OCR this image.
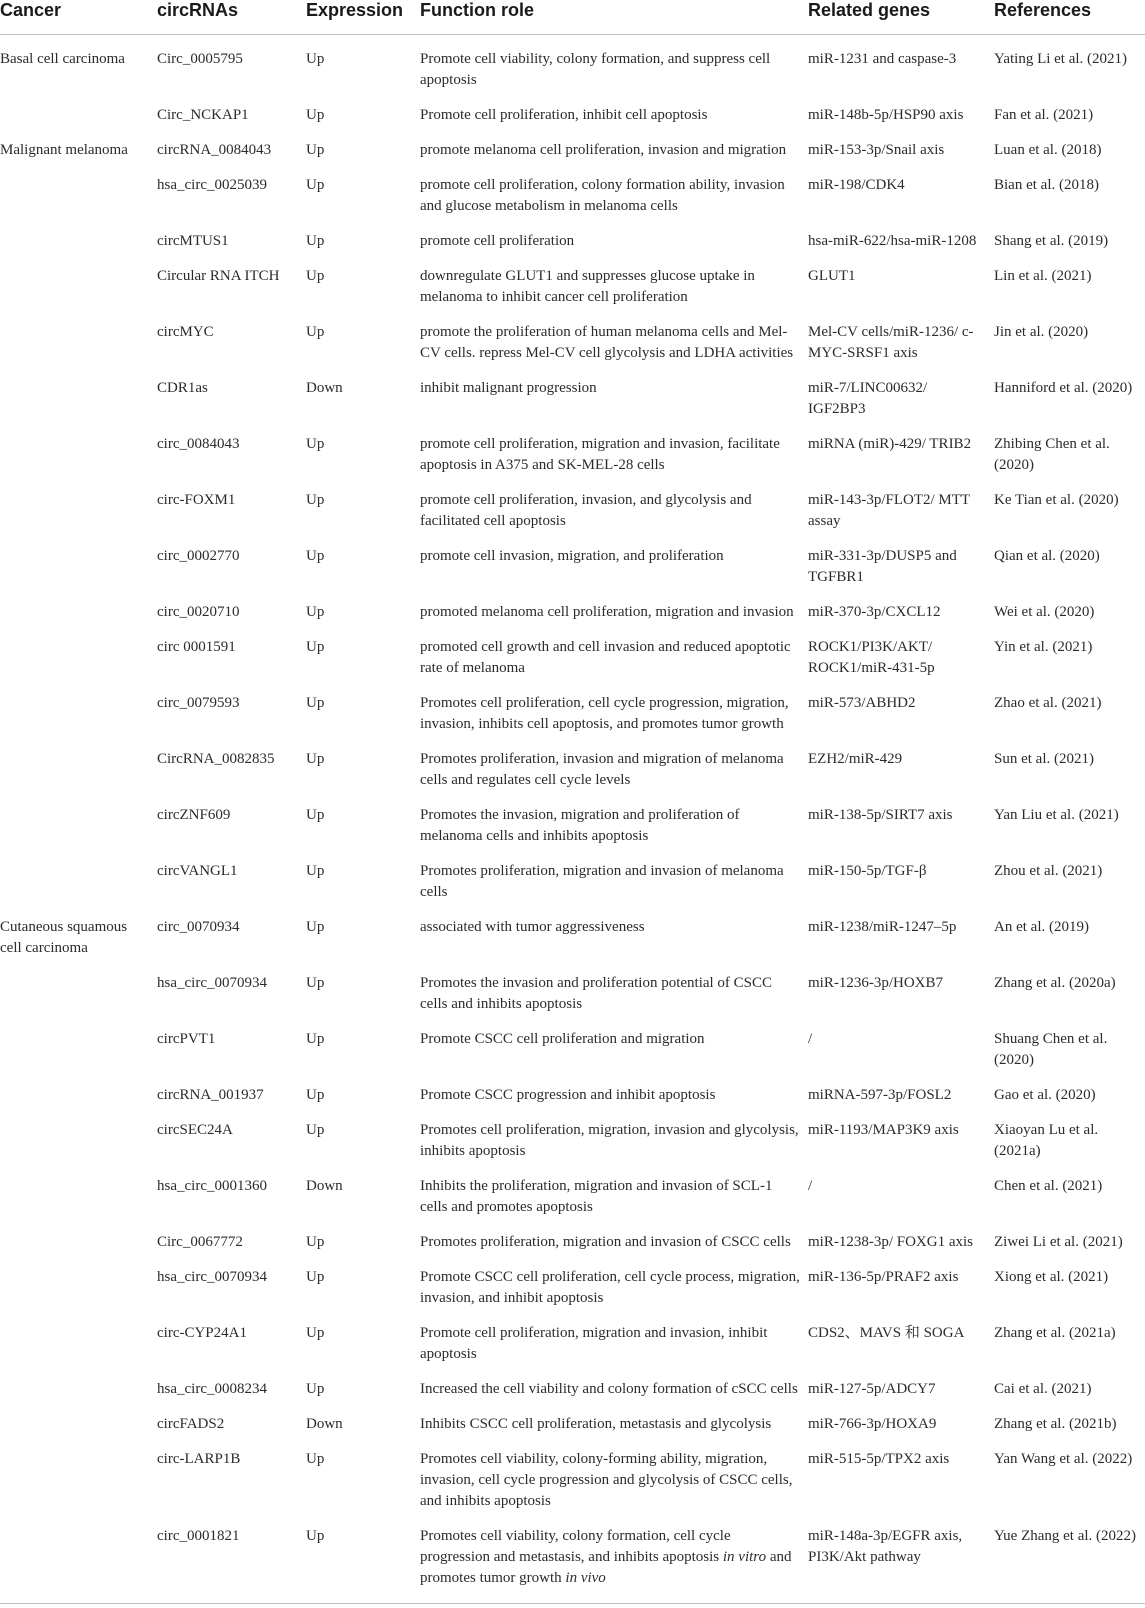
Cancer	circRNAs	Expression	Function role	Related genes	References

Basal cell carcinoma	Circ_0005795	Up	Promote cell viability, colony formation, and suppress cell apoptosis	miR-1231 and caspase-3	Yating Li et al. (2021)
	Circ_NCKAP1	Up	Promote cell proliferation, inhibit cell apoptosis	miR-148b-5p/HSP90 axis	Fan et al. (2021)
Malignant melanoma	circRNA_0084043	Up	promote melanoma cell proliferation, invasion and migration	miR-153-3p/Snail axis	Luan et al. (2018)
	hsa_circ_0025039	Up	promote cell proliferation, colony formation ability, invasion and glucose metabolism in melanoma cells	miR-198/CDK4	Bian et al. (2018)
	circMTUS1	Up	promote cell proliferation	hsa-miR-622/hsa-miR-1208	Shang et al. (2019)
	Circular RNA ITCH	Up	downregulate GLUT1 and suppresses glucose uptake in melanoma to inhibit cancer cell proliferation	GLUT1	Lin et al. (2021)
	circMYC	Up	promote the proliferation of human melanoma cells and Mel-CV cells. repress Mel-CV cell glycolysis and LDHA activities	Mel-CV cells/miR-1236/ c-MYC-SRSF1 axis	Jin et al. (2020)
	CDR1as	Down	inhibit malignant progression	miR-7/LINC00632/ IGF2BP3	Hanniford et al. (2020)
	circ_0084043	Up	promote cell proliferation, migration and invasion, facilitate apoptosis in A375 and SK-MEL-28 cells	miRNA (miR)-429/ TRIB2	Zhibing Chen et al. (2020)
	circ-FOXM1	Up	promote cell proliferation, invasion, and glycolysis and facilitated cell apoptosis	miR-143-3p/FLOT2/ MTT assay	Ke Tian et al. (2020)
	circ_0002770	Up	promote cell invasion, migration, and proliferation	miR-331-3p/DUSP5 and TGFBR1	Qian et al. (2020)
	circ_0020710	Up	promoted melanoma cell proliferation, migration and invasion	miR-370-3p/CXCL12	Wei et al. (2020)
	circ 0001591	Up	promoted cell growth and cell invasion and reduced apoptotic rate of melanoma	ROCK1/PI3K/AKT/ ROCK1/miR-431-5p	Yin et al. (2021)
	circ_0079593	Up	Promotes cell proliferation, cell cycle progression, migration, invasion, inhibits cell apoptosis, and promotes tumor growth	miR-573/ABHD2	Zhao et al. (2021)
	CircRNA_0082835	Up	Promotes proliferation, invasion and migration of melanoma cells and regulates cell cycle levels	EZH2/miR-429	Sun et al. (2021)
	circZNF609	Up	Promotes the invasion, migration and proliferation of melanoma cells and inhibits apoptosis	miR-138-5p/SIRT7 axis	Yan Liu et al. (2021)
	circVANGL1	Up	Promotes proliferation, migration and invasion of melanoma cells	miR-150-5p/TGF-β	Zhou et al. (2021)
Cutaneous squamous cell carcinoma	circ_0070934	Up	associated with tumor aggressiveness	miR-1238/miR-1247–5p	An et al. (2019)
	hsa_circ_0070934	Up	Promotes the invasion and proliferation potential of CSCC cells and inhibits apoptosis	miR-1236-3p/HOXB7	Zhang et al. (2020a)
	circPVT1	Up	Promote CSCC cell proliferation and migration	/	Shuang Chen et al. (2020)
	circRNA_001937	Up	Promote CSCC progression and inhibit apoptosis	miRNA-597-3p/FOSL2	Gao et al. (2020)
	circSEC24A	Up	Promotes cell proliferation, migration, invasion and glycolysis, inhibits apoptosis	miR-1193/MAP3K9 axis	Xiaoyan Lu et al. (2021a)
	hsa_circ_0001360	Down	Inhibits the proliferation, migration and invasion of SCL-1 cells and promotes apoptosis	/	Chen et al. (2021)
	Circ_0067772	Up	Promotes proliferation, migration and invasion of CSCC cells	miR-1238-3p/ FOXG1 axis	Ziwei Li et al. (2021)
	hsa_circ_0070934	Up	Promote CSCC cell proliferation, cell cycle process, migration, invasion, and inhibit apoptosis	miR-136-5p/PRAF2 axis	Xiong et al. (2021)
	circ-CYP24A1	Up	Promote cell proliferation, migration and invasion, inhibit apoptosis	CDS2、MAVS 和 SOGA	Zhang et al. (2021a)
	hsa_circ_0008234	Up	Increased the cell viability and colony formation of cSCC cells	miR-127-5p/ADCY7	Cai et al. (2021)
	circFADS2	Down	Inhibits CSCC cell proliferation, metastasis and glycolysis	miR-766-3p/HOXA9	Zhang et al. (2021b)
	circ-LARP1B	Up	Promotes cell viability, colony-forming ability, migration, invasion, cell cycle progression and glycolysis of CSCC cells, and inhibits apoptosis	miR-515-5p/TPX2 axis	Yan Wang et al. (2022)
	circ_0001821	Up	Promotes cell viability, colony formation, cell cycle progression and metastasis, and inhibits apoptosis in vitro and promotes tumor growth in vivo	miR-148a-3p/EGFR axis, PI3K/Akt pathway	Yue Zhang et al. (2022)
